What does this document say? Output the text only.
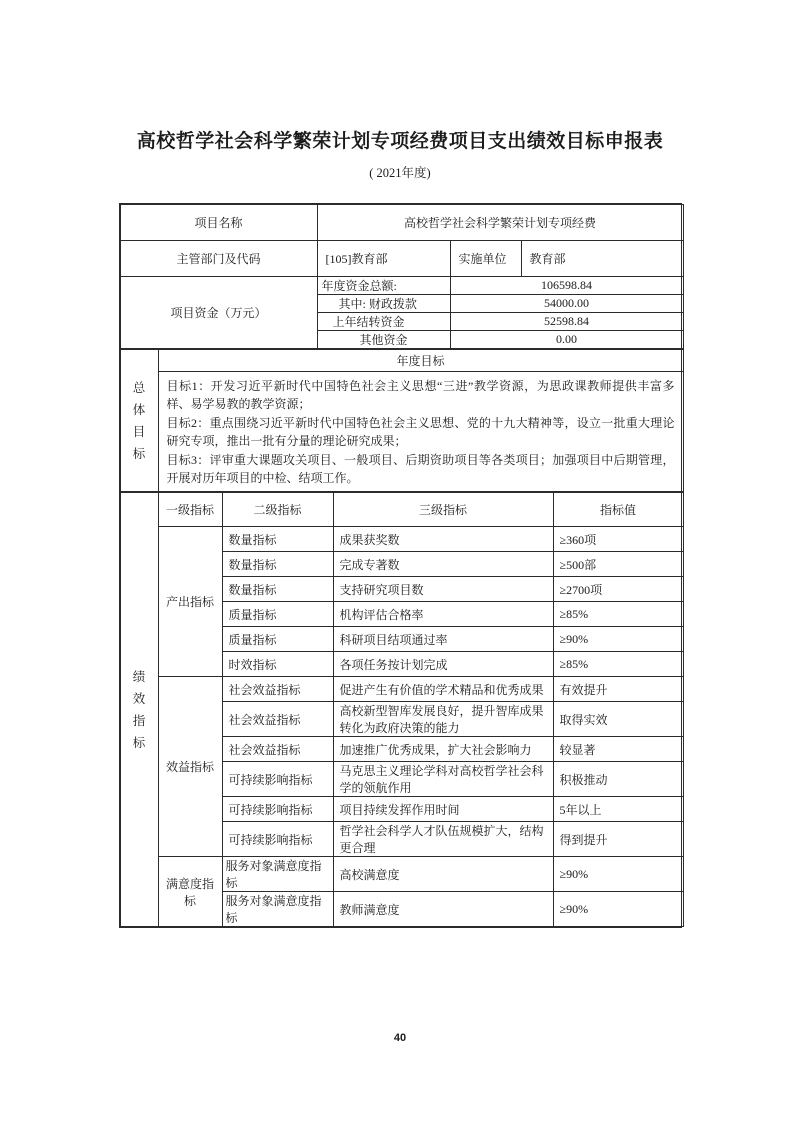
高校哲学社会科学繁荣计划专项经费项目支出绩效目标申报表
( 2021年度)
项目名称	高校哲学社会科学繁荣计划专项经费		
主管部门及代码	[105]教育部	实施单位	教育部
项目资金（万元）	年度资金总额:	106598.84	
	其中: 财政拨款	54000.00	
	上年结转资金	52598.84	
	其他资金	0.00	
总体目标
	年度目标

目标1：开发习近平新时代中国特色社会主义思想“三进”教学资源，为思政课教师提供丰富多样、易学易教的教学资源；
目标2：重点围绕习近平新时代中国特色社会主义思想、党的十九大精神等，设立一批重大理论研究专项，推出一批有分量的理论研究成果；
目标3：评审重大课题攻关项目、一般项目、后期资助项目等各类项目；加强项目中后期管理，开展对历年项目的中检、结项工作。
绩效指标	一级指标	二级指标	三级指标	指标值
	产出指标	数量指标	成果获奖数	≥360项
		数量指标	完成专著数	≥500部
		数量指标	支持研究项目数	≥2700项
		质量指标	机构评估合格率	≥85%
		质量指标	科研项目结项通过率	≥90%
		时效指标	各项任务按计划完成	≥85%
	效益指标	社会效益指标	促进产生有价值的学术精品和优秀成果	有效提升
		社会效益指标	高校新型智库发展良好，提升智库成果转化为政府决策的能力	取得实效
		社会效益指标	加速推广优秀成果，扩大社会影响力	较显著
		可持续影响指标	马克思主义理论学科对高校哲学社会科学的领航作用	积极推动
		可持续影响指标	项目持续发挥作用时间	5年以上
		可持续影响指标	哲学社会科学人才队伍规模扩大，结构更合理	得到提升
	满意度指标	服务对象满意度指标	高校满意度	≥90%
		服务对象满意度指标	教师满意度	≥90%
40
